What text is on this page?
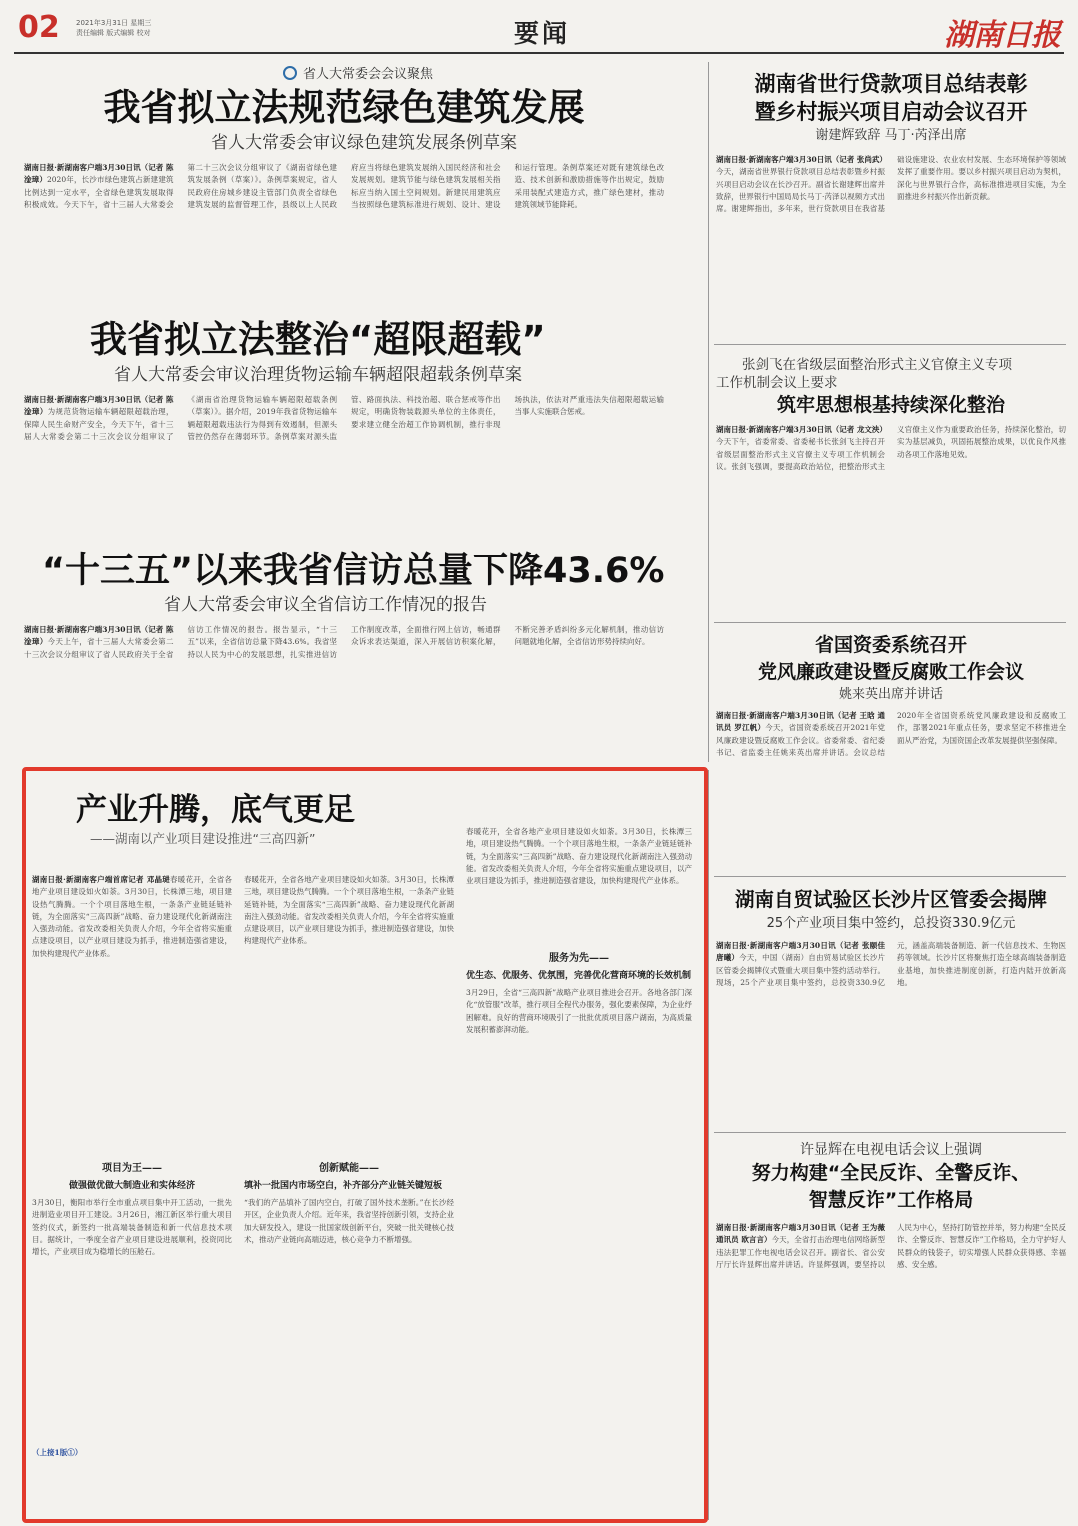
02 2021年3月31日 星期三
责任编辑 版式编辑 校对	要闻	湖南日报
省人大常委会会议聚焦
我省拟立法规范绿色建筑发展
省人大常委会审议绿色建筑发展条例草案
湖南日报·新湖南客户端3月30日讯（记者 陈淦璋）2020年，长沙市绿色建筑占新建建筑比例达到一定水平，全省绿色建筑发展取得积极成效。今天下午，省十三届人大常委会第二十三次会议分组审议了《湖南省绿色建筑发展条例（草案）》。条例草案规定，省人民政府住房城乡建设主管部门负责全省绿色建筑发展的监督管理工作，县级以上人民政府应当将绿色建筑发展纳入国民经济和社会发展规划。建筑节能与绿色建筑发展相关指标应当纳入国土空间规划。新建民用建筑应当按照绿色建筑标准进行规划、设计、建设和运行管理。条例草案还对既有建筑绿色改造、技术创新和激励措施等作出规定，鼓励采用装配式建造方式，推广绿色建材，推动建筑领域节能降耗。
我省拟立法整治“超限超载”
省人大常委会审议治理货物运输车辆超限超载条例草案
湖南日报·新湖南客户端3月30日讯（记者 陈淦璋）为规范货物运输车辆超限超载治理，保障人民生命财产安全，今天下午，省十三届人大常委会第二十三次会议分组审议了《湖南省治理货物运输车辆超限超载条例（草案）》。据介绍，2019年我省货物运输车辆超限超载违法行为得到有效遏制，但源头管控仍然存在薄弱环节。条例草案对源头监管、路面执法、科技治超、联合惩戒等作出规定，明确货物装载源头单位的主体责任，要求建立健全治超工作协调机制，推行非现场执法，依法对严重违法失信超限超载运输当事人实施联合惩戒。
“十三五”以来我省信访总量下降43.6%
省人大常委会审议全省信访工作情况的报告
湖南日报·新湖南客户端3月30日讯（记者 陈淦璋）今天上午，省十三届人大常委会第二十三次会议分组审议了省人民政府关于全省信访工作情况的报告。报告显示，“十三五”以来，全省信访总量下降43.6%。我省坚持以人民为中心的发展思想，扎实推进信访工作制度改革，全面推行网上信访，畅通群众诉求表达渠道，深入开展信访积案化解，不断完善矛盾纠纷多元化解机制，推动信访问题就地化解，全省信访形势持续向好。
产业升腾，底气更足
——湖南以产业项目建设推进“三高四新”
湖南日报·新湖南客户端首席记者 邓晶琎春暖花开，全省各地产业项目建设如火如荼。3月30日，长株潭三地，项目建设热气腾腾。一个个项目落地生根，一条条产业链延链补链，为全面落实“三高四新”战略、奋力建设现代化新湖南注入强劲动能。省发改委相关负责人介绍，今年全省将实施重点建设项目，以产业项目建设为抓手，推进制造强省建设，加快构建现代产业体系。
项目为王——
做强做优做大制造业和实体经济
3月30日，衡阳市举行全市重点项目集中开工活动，一批先进制造业项目开工建设。3月26日，湘江新区举行重大项目签约仪式，新签约一批高端装备制造和新一代信息技术项目。据统计，一季度全省产业项目建设进展顺利，投资同比增长，产业项目成为稳增长的压舱石。
（上接1版①）
春暖花开，全省各地产业项目建设如火如荼。3月30日，长株潭三地，项目建设热气腾腾。一个个项目落地生根，一条条产业链延链补链，为全面落实“三高四新”战略、奋力建设现代化新湖南注入强劲动能。省发改委相关负责人介绍，今年全省将实施重点建设项目，以产业项目建设为抓手，推进制造强省建设，加快构建现代产业体系。
创新赋能——
填补一批国内市场空白，补齐部分产业链关键短板
“我们的产品填补了国内空白，打破了国外技术垄断。”在长沙经开区，企业负责人介绍。近年来，我省坚持创新引领，支持企业加大研发投入，建设一批国家级创新平台，突破一批关键核心技术，推动产业链向高端迈进，核心竞争力不断增强。
春暖花开，全省各地产业项目建设如火如荼。3月30日，长株潭三地，项目建设热气腾腾。一个个项目落地生根，一条条产业链延链补链，为全面落实“三高四新”战略、奋力建设现代化新湖南注入强劲动能。省发改委相关负责人介绍，今年全省将实施重点建设项目，以产业项目建设为抓手，推进制造强省建设，加快构建现代产业体系。
服务为先——
优生态、优服务、优氛围，完善优化营商环境的长效机制
3月29日，全省“三高四新”战略产业项目推进会召开。各地各部门深化“放管服”改革，推行项目全程代办服务，强化要素保障，为企业纾困解难。良好的营商环境吸引了一批批优质项目落户湖南，为高质量发展积蓄澎湃动能。
湖南省世行贷款项目总结表彰
暨乡村振兴项目启动会议召开
谢建辉致辞 马丁·芮泽出席
湖南日报·新湖南客户端3月30日讯（记者 张尚武）今天，湖南省世界银行贷款项目总结表彰暨乡村振兴项目启动会议在长沙召开。副省长谢建辉出席并致辞，世界银行中国局局长马丁·芮泽以视频方式出席。谢建辉指出，多年来，世行贷款项目在我省基础设施建设、农业农村发展、生态环境保护等领域发挥了重要作用。要以乡村振兴项目启动为契机，深化与世界银行合作，高标准推进项目实施，为全面推进乡村振兴作出新贡献。
张剑飞在省级层面整治形式主义官僚主义专项
工作机制会议上要求
筑牢思想根基持续深化整治
湖南日报·新湖南客户端3月30日讯（记者 龙文泱）今天下午，省委常委、省委秘书长张剑飞主持召开省级层面整治形式主义官僚主义专项工作机制会议。张剑飞强调，要提高政治站位，把整治形式主义官僚主义作为重要政治任务，持续深化整治，切实为基层减负，巩固拓展整治成果，以优良作风推动各项工作落地见效。
省国资委系统召开
党风廉政建设暨反腐败工作会议
姚来英出席并讲话
湖南日报·新湖南客户端3月30日讯（记者 王晗 通讯员 罗江帆）今天，省国资委系统召开2021年党风廉政建设暨反腐败工作会议。省委常委、省纪委书记、省监委主任姚来英出席并讲话。会议总结2020年全省国资系统党风廉政建设和反腐败工作，部署2021年重点任务，要求坚定不移推进全面从严治党，为国资国企改革发展提供坚强保障。
湖南自贸试验区长沙片区管委会揭牌
25个产业项目集中签约，总投资330.9亿元
湖南日报·新湖南客户端3月30日讯（记者 张颐佳 唐曦）今天，中国（湖南）自由贸易试验区长沙片区管委会揭牌仪式暨重大项目集中签约活动举行。现场，25个产业项目集中签约，总投资330.9亿元，涵盖高端装备制造、新一代信息技术、生物医药等领域。长沙片区将聚焦打造全球高端装备制造业基地，加快推进制度创新，打造内陆开放新高地。
许显辉在电视电话会议上强调
努力构建“全民反诈、全警反诈、
智慧反诈”工作格局
湖南日报·新湖南客户端3月30日讯（记者 王为薇 通讯员 欧言言）今天，全省打击治理电信网络新型违法犯罪工作电视电话会议召开。副省长、省公安厅厅长许显辉出席并讲话。许显辉强调，要坚持以人民为中心，坚持打防管控并举，努力构建“全民反诈、全警反诈、智慧反诈”工作格局，全力守护好人民群众的钱袋子，切实增强人民群众获得感、幸福感、安全感。
